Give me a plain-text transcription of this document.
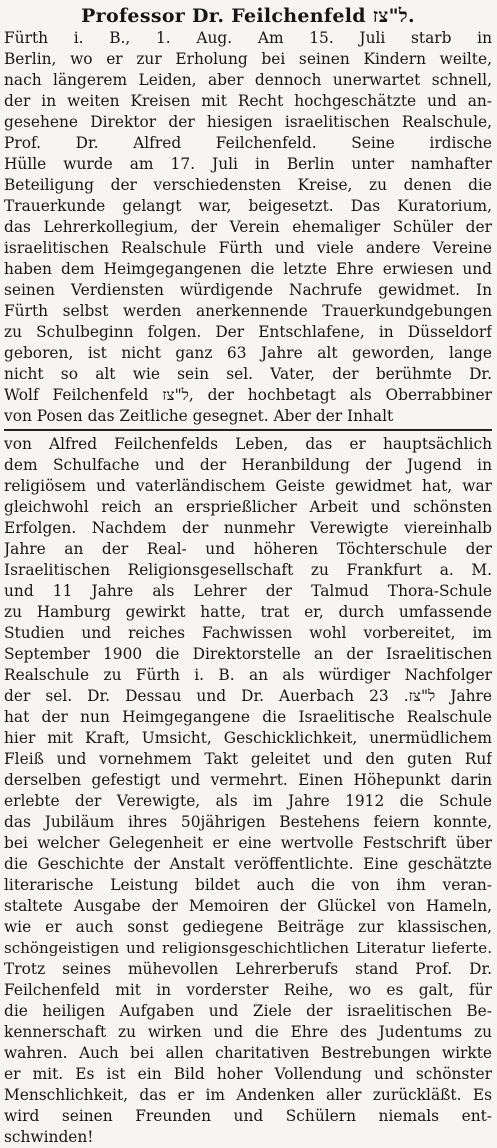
Professor Dr. Feilchenfeld ל"צז.
Fürth i. B., 1. Aug. Am 15. Juli starb in
Berlin, wo er zur Erholung bei seinen Kindern weilte,
nach längerem Leiden, aber dennoch unerwartet schnell,
der in weiten Kreisen mit Recht hochgeschätzte und an-
gesehene Direktor der hiesigen israelitischen Realschule,
Prof. Dr. Alfred Feilchenfeld. Seine irdische
Hülle wurde am 17. Juli in Berlin unter namhafter
Beteiligung der verschiedensten Kreise, zu denen die
Trauerkunde gelangt war, beigesetzt. Das Kuratorium,
das Lehrerkollegium, der Verein ehemaliger Schüler der
israelitischen Realschule Fürth und viele andere Vereine
haben dem Heimgegangenen die letzte Ehre erwiesen und
seinen Verdiensten würdigende Nachrufe gewidmet. In
Fürth selbst werden anerkennende Trauerkundgebungen
zu Schulbeginn folgen. Der Entschlafene, in Düsseldorf
geboren, ist nicht ganz 63 Jahre alt geworden, lange
nicht so alt wie sein sel. Vater, der berühmte Dr.
Wolf Feilchenfeld ל"צז, der hochbetagt als Oberrabbiner
von Posen das Zeitliche gesegnet. Aber der Inhalt
von Alfred Feilchenfelds Leben, das er hauptsächlich
dem Schulfache und der Heranbildung der Jugend in
religiösem und vaterländischem Geiste gewidmet hat, war
gleichwohl reich an ersprießlicher Arbeit und schönsten
Erfolgen. Nachdem der nunmehr Verewigte viereinhalb
Jahre an der Real- und höheren Töchterschule der
Israelitischen Religionsgesellschaft zu Frankfurt a. M.
und 11 Jahre als Lehrer der Talmud Thora-Schule
zu Hamburg gewirkt hatte, trat er, durch umfassende
Studien und reiches Fachwissen wohl vorbereitet, im
September 1900 die Direktorstelle an der Israelitischen
Realschule zu Fürth i. B. an als würdiger Nachfolger
der sel. Dr. Dessau und Dr. Auerbach ל"צז. 23 Jahre
hat der nun Heimgegangene die Israelitische Realschule
hier mit Kraft, Umsicht, Geschicklichkeit, unermüdlichem
Fleiß und vornehmem Takt geleitet und den guten Ruf
derselben gefestigt und vermehrt. Einen Höhepunkt darin
erlebte der Verewigte, als im Jahre 1912 die Schule
das Jubiläum ihres 50jährigen Bestehens feiern konnte,
bei welcher Gelegenheit er eine wertvolle Festschrift über
die Geschichte der Anstalt veröffentlichte. Eine geschätzte
literarische Leistung bildet auch die von ihm veran-
staltete Ausgabe der Memoiren der Glückel von Hameln,
wie er auch sonst gediegene Beiträge zur klassischen,
schöngeistigen und religionsgeschichtlichen Literatur lieferte.
Trotz seines mühevollen Lehrerberufs stand Prof. Dr.
Feilchenfeld mit in vorderster Reihe, wo es galt, für
die heiligen Aufgaben und Ziele der israelitischen Be-
kennerschaft zu wirken und die Ehre des Judentums zu
wahren. Auch bei allen charitativen Bestrebungen wirkte
er mit. Es ist ein Bild hoher Vollendung und schönster
Menschlichkeit, das er im Andenken aller zurückläßt. Es
wird seinen Freunden und Schülern niemals ent-
schwinden!
